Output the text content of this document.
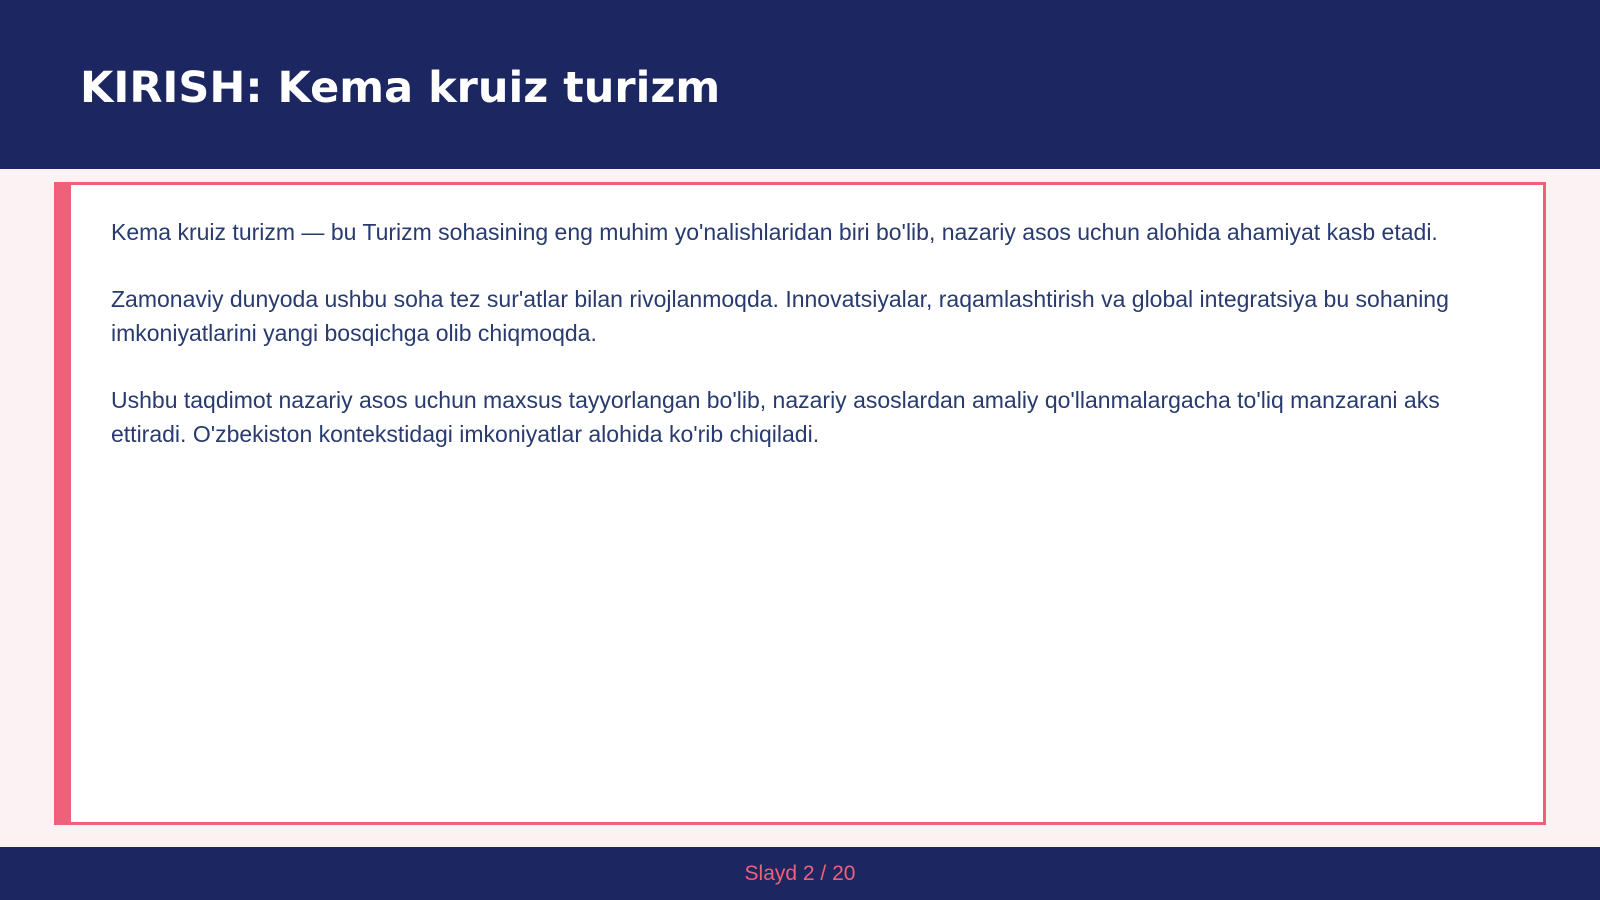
KIRISH: Kema kruiz turizm

Kema kruiz turizm — bu Turizm sohasining eng muhim yo'nalishlaridan biri bo'lib, nazariy asos uchun alohida ahamiyat kasb etadi.

Zamonaviy dunyoda ushbu soha tez sur'atlar bilan rivojlanmoqda. Innovatsiyalar, raqamlashtirish va global integratsiya bu sohaning imkoniyatlarini yangi bosqichga olib chiqmoqda.

Ushbu taqdimot nazariy asos uchun maxsus tayyorlangan bo'lib, nazariy asoslardan amaliy qo'llanmalargacha to'liq manzarani aks ettiradi. O'zbekiston kontekstidagi imkoniyatlar alohida ko'rib chiqiladi.

Slayd 2 / 20
